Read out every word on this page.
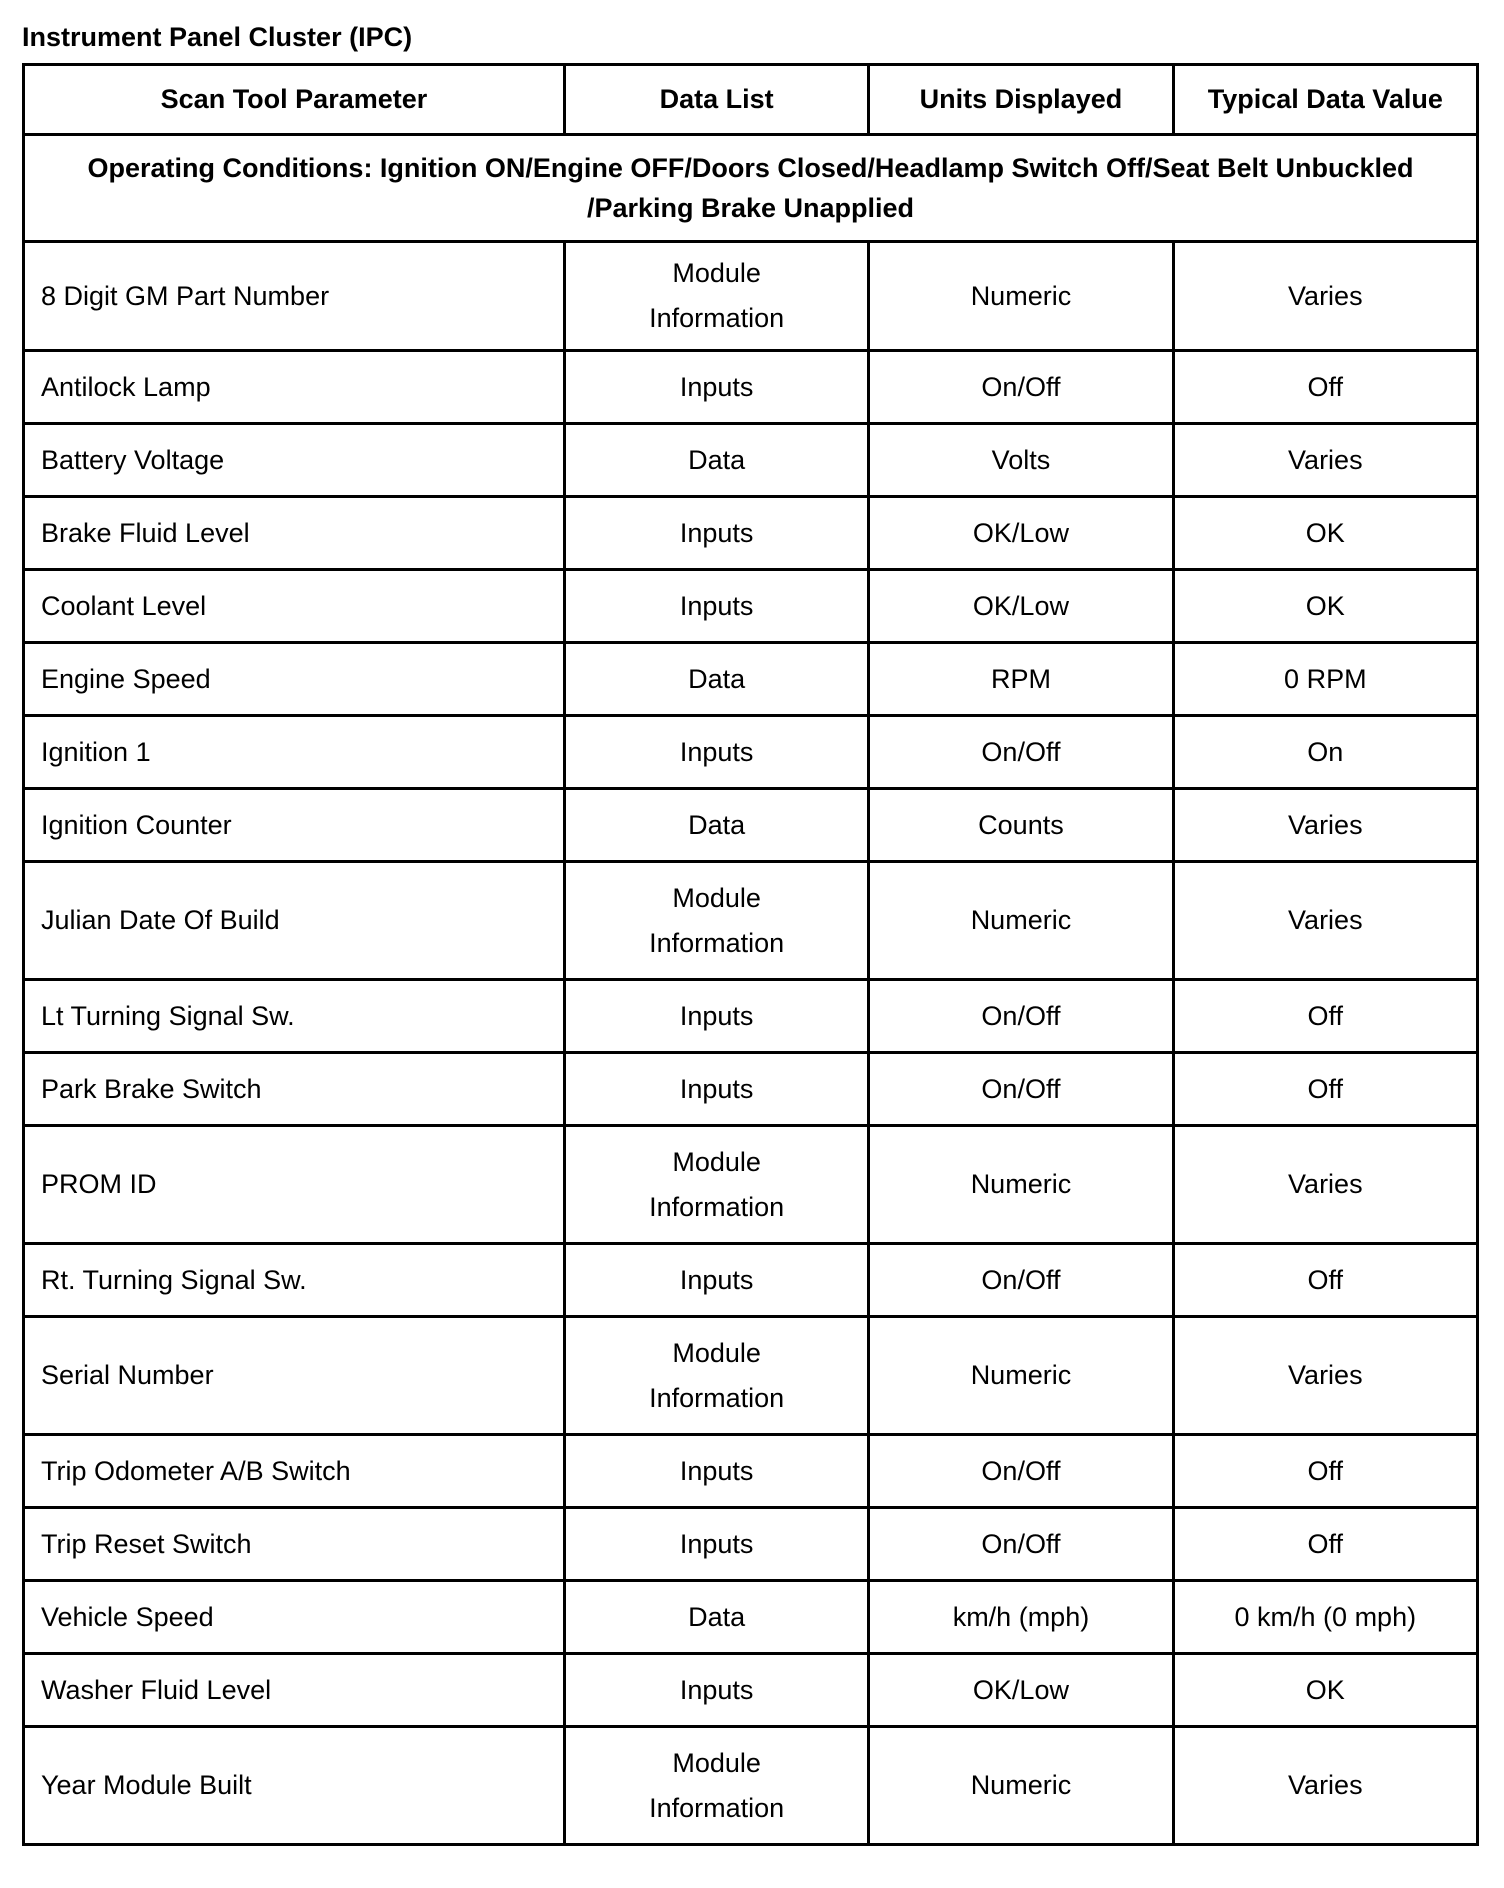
Instrument Panel Cluster (IPC)
Scan Tool Parameter	Data List	Units Displayed	Typical Data Value
Operating Conditions: Ignition ON/Engine OFF/Doors Closed/Headlamp Switch Off/Seat Belt Unbuckled /Parking Brake Unapplied			
8 Digit GM Part Number	Module Information	Numeric	Varies
Antilock Lamp	Inputs	On/Off	Off
Battery Voltage	Data	Volts	Varies
Brake Fluid Level	Inputs	OK/Low	OK
Coolant Level	Inputs	OK/Low	OK
Engine Speed	Data	RPM	0 RPM
Ignition 1	Inputs	On/Off	On
Ignition Counter	Data	Counts	Varies
Julian Date Of Build	Module Information	Numeric	Varies
Lt Turning Signal Sw.	Inputs	On/Off	Off
Park Brake Switch	Inputs	On/Off	Off
PROM ID	Module Information	Numeric	Varies
Rt. Turning Signal Sw.	Inputs	On/Off	Off
Serial Number	Module Information	Numeric	Varies
Trip Odometer A/B Switch	Inputs	On/Off	Off
Trip Reset Switch	Inputs	On/Off	Off
Vehicle Speed	Data	km/h (mph)	0 km/h (0 mph)
Washer Fluid Level	Inputs	OK/Low	OK
Year Module Built	Module Information	Numeric	Varies
